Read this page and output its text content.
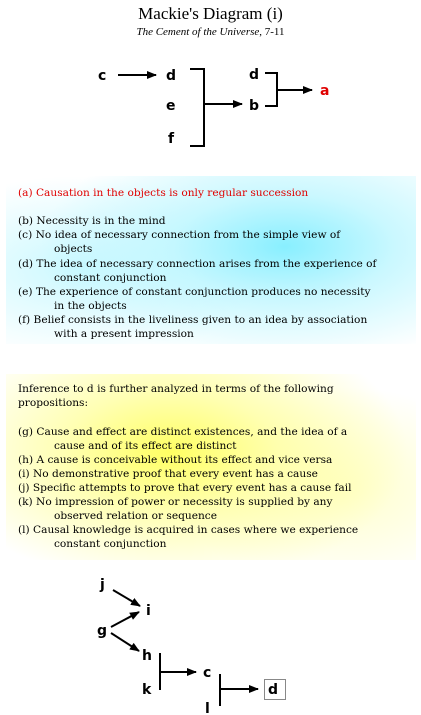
Mackie's Diagram (i)
The Cement of the Universe, 7-11
c	d
e
f
d
b
a
(a) Causation in the objects is only regular succession
(b) Necessity is in the mind
(c) No idea of necessary connection from the simple view of
objects
(d) The idea of necessary connection arises from the experience of
constant conjunction
(e) The experience of constant conjunction produces no necessity
in the objects
(f) Belief consists in the liveliness given to an idea by association
with a present impression
Inference to d is further analyzed in terms of the following
propositions:
(g) Cause and effect are distinct existences, and the idea of a
cause and of its effect are distinct
(h) A cause is conceivable without its effect and vice versa
(i) No demonstrative proof that every event has a cause
(j) Specific attempts to prove that every event has a cause fail
(k) No impression of power or necessity is supplied by any
observed relation or sequence
(l) Causal knowledge is acquired in cases where we experience
constant conjunction
j
i
g
h
k
c
l
d
